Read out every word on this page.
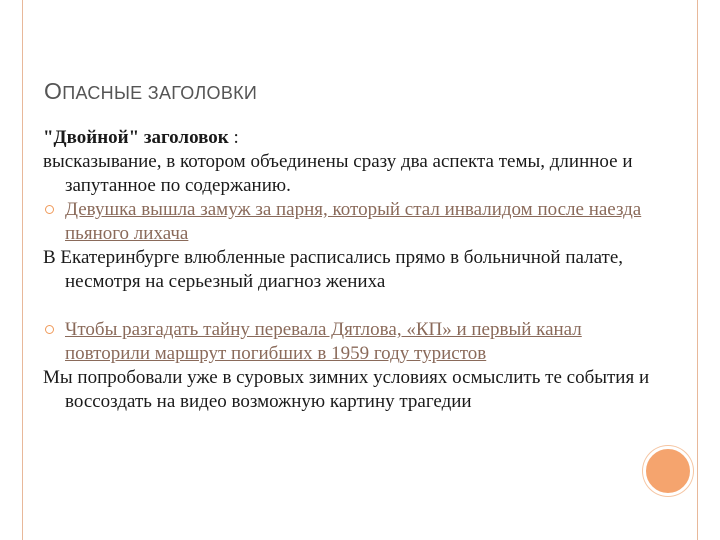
ОПАСНЫЕ ЗАГОЛОВКИ

"Двойной" заголовок :

высказывание, в котором объединены сразу два аспекта темы, длинное и запутанное по содержанию.

Девушка вышла замуж за парня, который стал инвалидом после наезда пьяного лихача

В Екатеринбурге влюбленные расписались прямо в больничной палате, несмотря на серьезный диагноз жениха

Чтобы разгадать тайну перевала Дятлова, «КП» и первый канал повторили маршрут погибших в 1959 году туристов

Мы попробовали уже в суровых зимних условиях осмыслить те события и воссоздать на видео возможную картину трагедии
